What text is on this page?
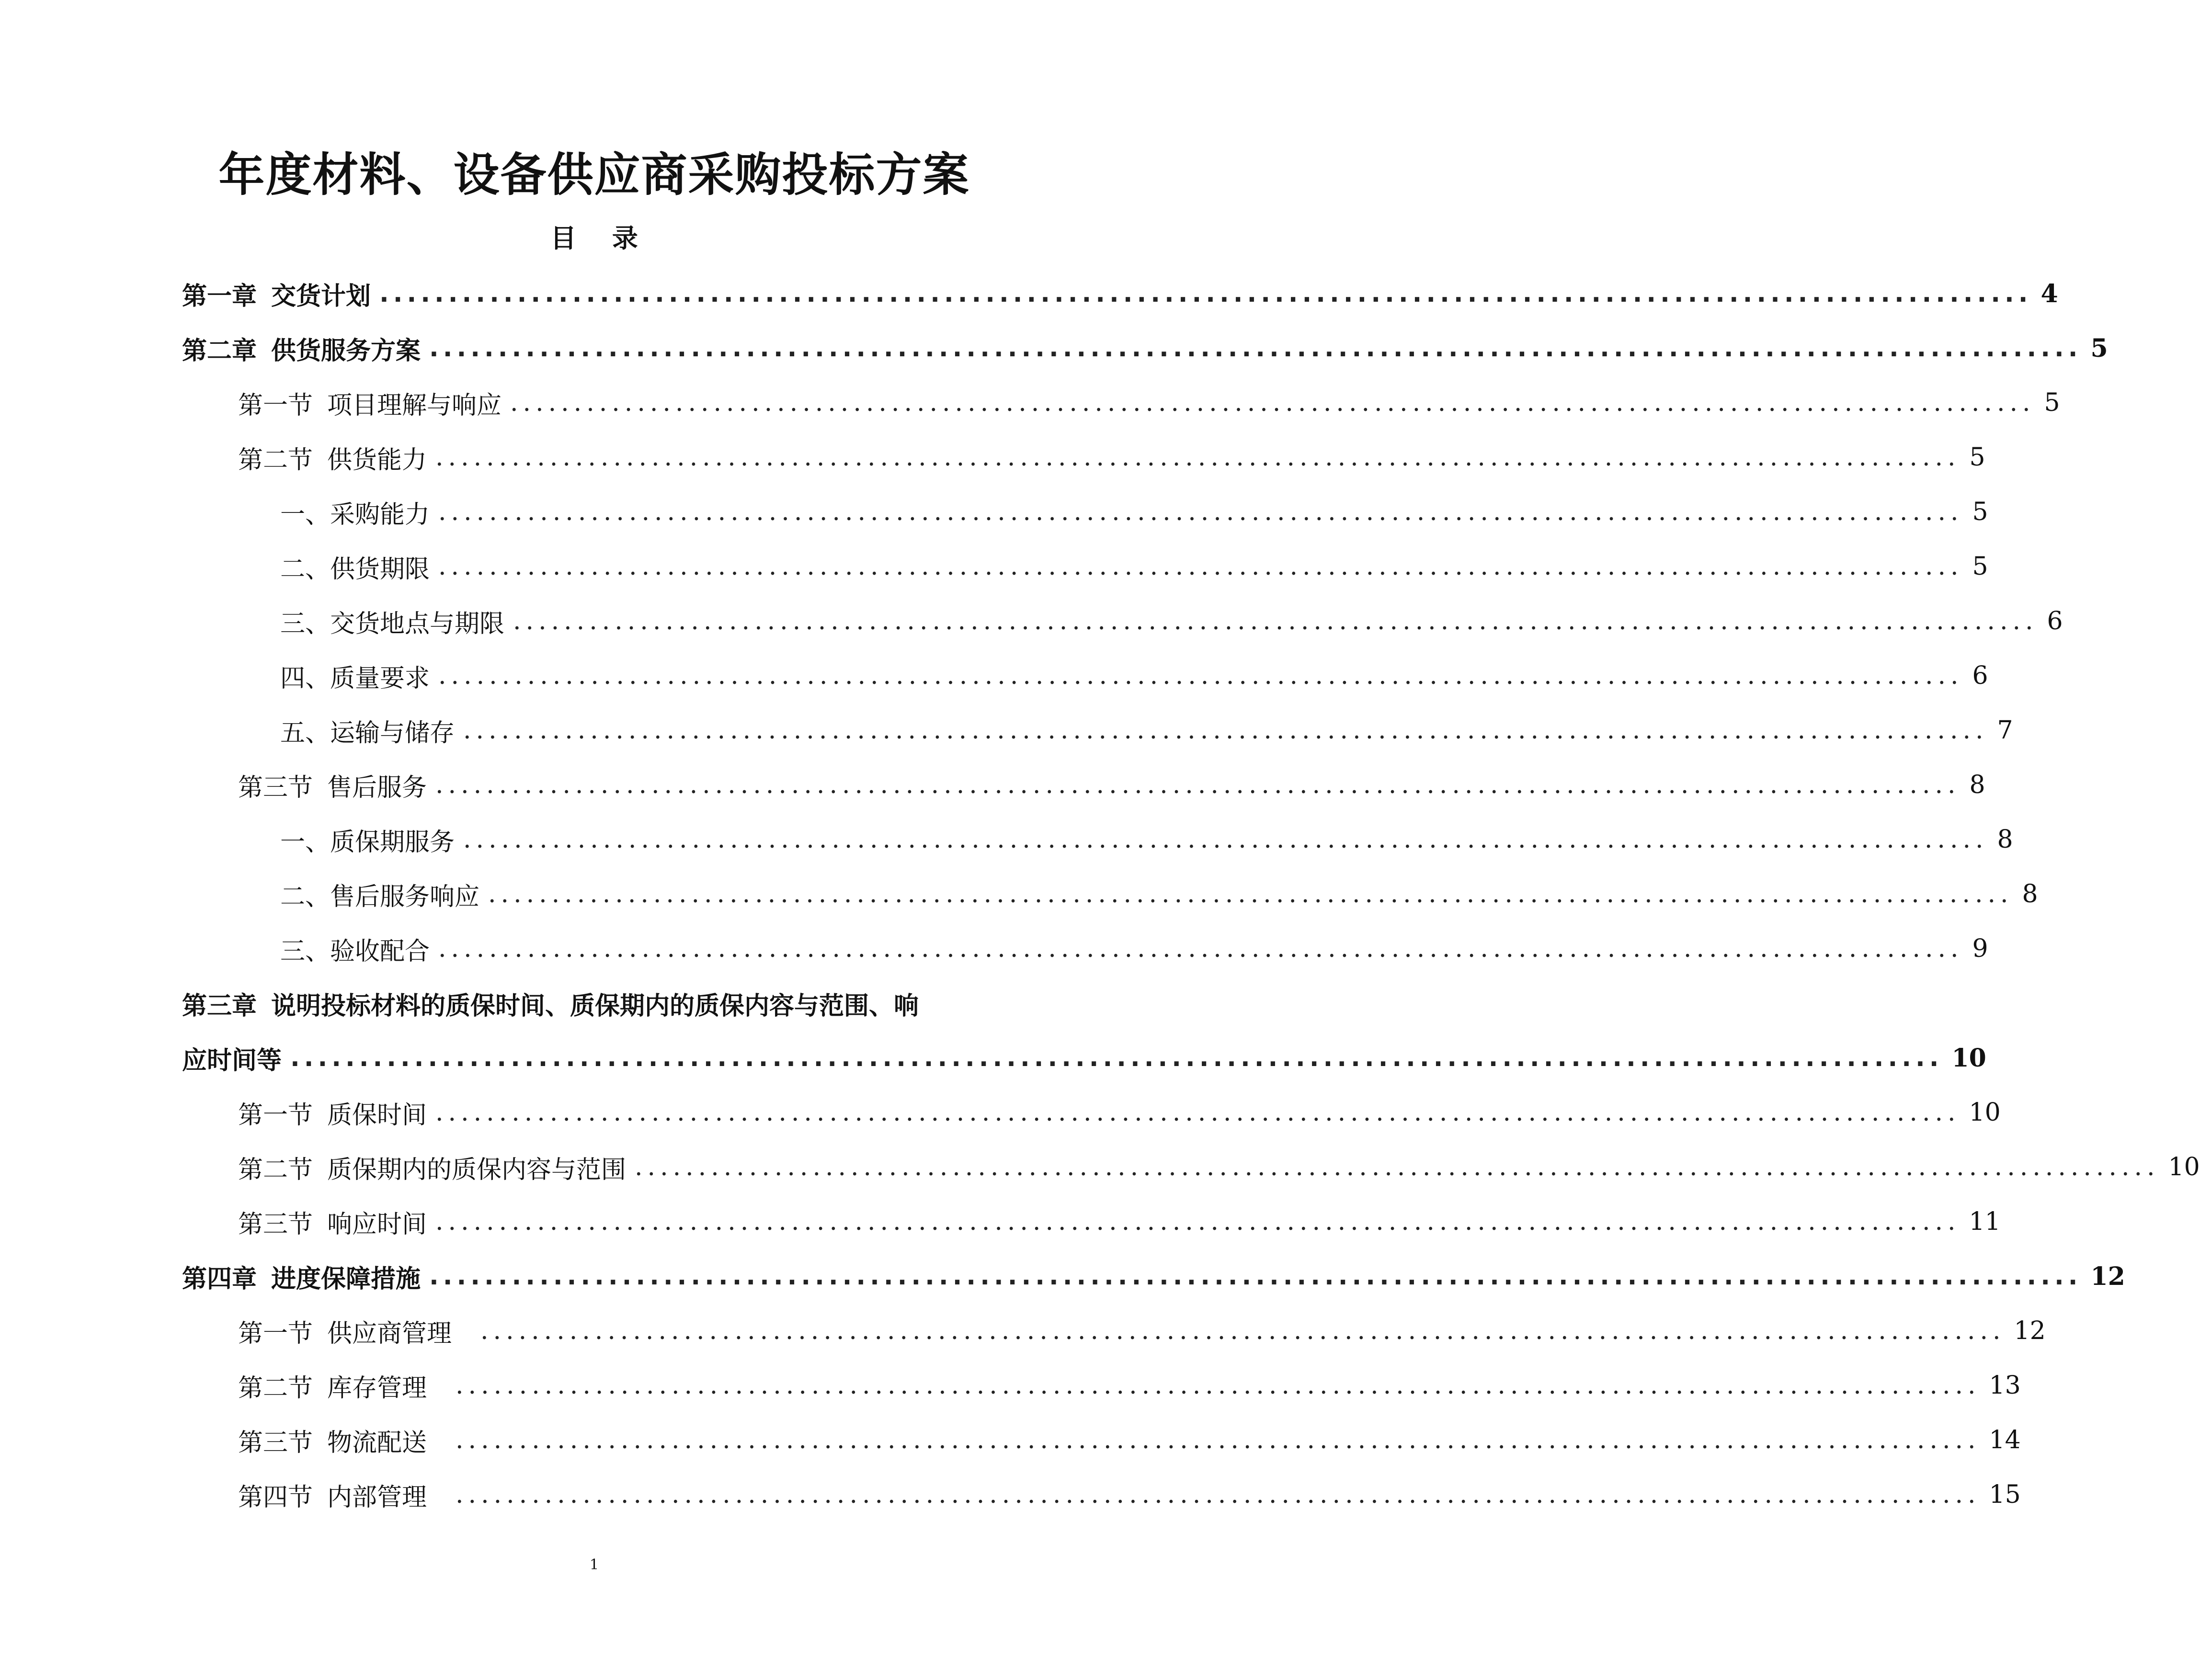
年度材料、设备供应商采购投标方案
目 录
第一章 交货计划 ........................................................................................................................ 4
第二章 供货服务方案 ........................................................................................................................ 5
第一节 项目理解与响应 ........................................................................................................................ 5
第二节 供货能力 ........................................................................................................................ 5
一、采购能力 ........................................................................................................................ 5
二、供货期限 ........................................................................................................................ 5
三、交货地点与期限 ........................................................................................................................ 6
四、质量要求 ........................................................................................................................ 6
五、运输与储存 ........................................................................................................................ 7
第三节 售后服务 ........................................................................................................................ 8
一、质保期服务 ........................................................................................................................ 8
二、售后服务响应 ........................................................................................................................ 8
三、验收配合 ........................................................................................................................ 9
第三章 说明投标材料的质保时间、质保期内的质保内容与范围、响
应时间等 ........................................................................................................................ 10
第一节 质保时间 ........................................................................................................................ 10
第二节 质保期内的质保内容与范围 ........................................................................................................................ 10
第三节 响应时间 ........................................................................................................................ 11
第四章 进度保障措施 ........................................................................................................................ 12
第一节 供应商管理 ........................................................................................................................ 12
第二节 库存管理 ........................................................................................................................ 13
第三节 物流配送 ........................................................................................................................ 14
第四节 内部管理 ........................................................................................................................ 15
1
